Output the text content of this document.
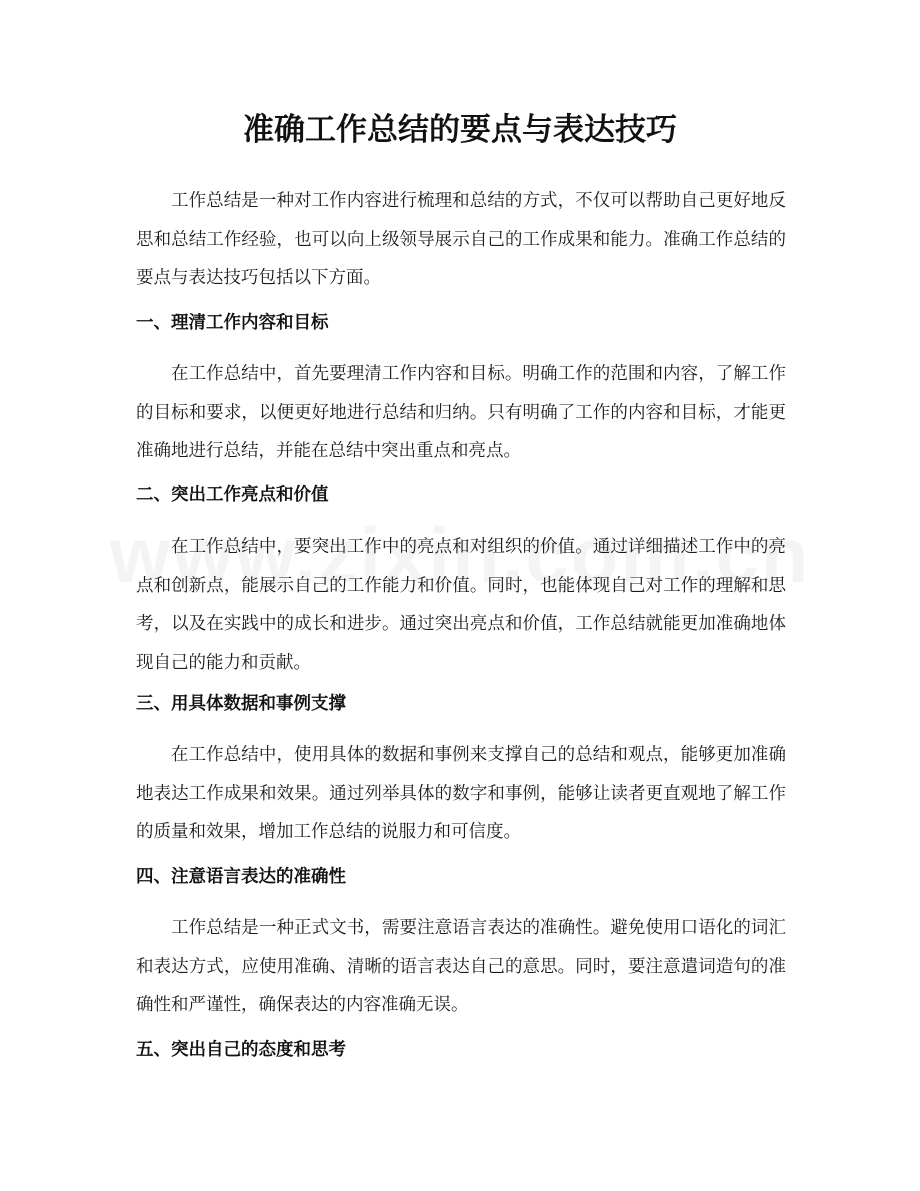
准确工作总结的要点与表达技巧

工作总结是一种对工作内容进行梳理和总结的方式，不仅可以帮助自己更好地反思和总结工作经验，也可以向上级领导展示自己的工作成果和能力。准确工作总结的要点与表达技巧包括以下方面。

一、理清工作内容和目标

在工作总结中，首先要理清工作内容和目标。明确工作的范围和内容，了解工作的目标和要求，以便更好地进行总结和归纳。只有明确了工作的内容和目标，才能更准确地进行总结，并能在总结中突出重点和亮点。

二、突出工作亮点和价值

在工作总结中，要突出工作中的亮点和对组织的价值。通过详细描述工作中的亮点和创新点，能展示自己的工作能力和价值。同时，也能体现自己对工作的理解和思考，以及在实践中的成长和进步。通过突出亮点和价值，工作总结就能更加准确地体现自己的能力和贡献。

三、用具体数据和事例支撑

在工作总结中，使用具体的数据和事例来支撑自己的总结和观点，能够更加准确地表达工作成果和效果。通过列举具体的数字和事例，能够让读者更直观地了解工作的质量和效果，增加工作总结的说服力和可信度。

四、注意语言表达的准确性

工作总结是一种正式文书，需要注意语言表达的准确性。避免使用口语化的词汇和表达方式，应使用准确、清晰的语言表达自己的意思。同时，要注意遣词造句的准确性和严谨性，确保表达的内容准确无误。

五、突出自己的态度和思考
